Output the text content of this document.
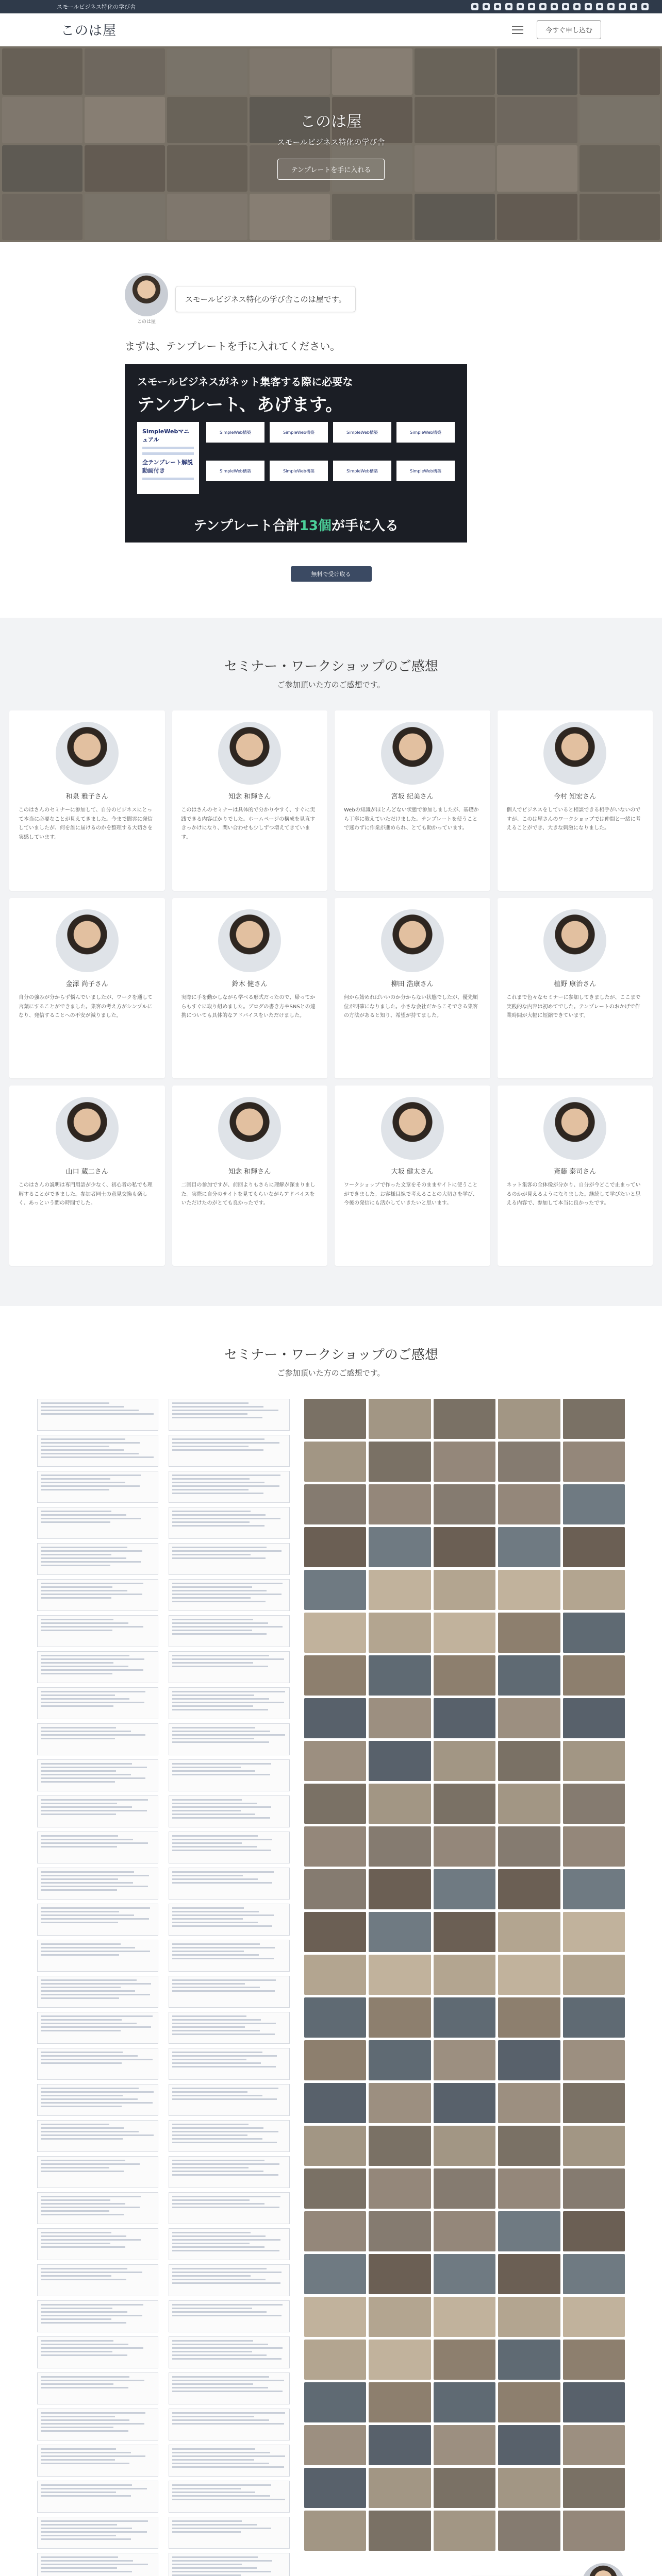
スモールビジネス特化の学び舎	●	●	●	●	●	●	●	●	●	●	●	●	●	●	●	●
このは屋	今すぐ申し込む
このは屋
スモールビジネス特化の学び舎
テンプレートを手に入れる
このは屋
スモールビジネス特化の学び舎このは屋です。
まずは、テンプレートを手に入れてください。
スモールビジネスがネット集客する際に必要な
テンプレート、あげます。
SimpleWebマニュアル
全テンプレート解説動画付き
SimpleWeb構築	SimpleWeb構築	SimpleWeb構築	SimpleWeb構築
SimpleWeb構築	SimpleWeb構築	SimpleWeb構築	SimpleWeb構築
テンプレート合計13個が手に入る
無料で受け取る
セミナー・ワークショップのご感想
ご参加頂いた方のご感想です。
和泉 雅子さん
このはさんのセミナーに参加して、自分のビジネスにとって本当に必要なことが見えてきました。今まで闇雲に発信していましたが、何を誰に届けるのかを整理する大切さを実感しています。
知念 和輝さん
このはさんのセミナーは具体的で分かりやすく、すぐに実践できる内容ばかりでした。ホームページの構成を見直すきっかけになり、問い合わせも少しずつ増えてきています。
宮坂 紀美さん
Webの知識がほとんどない状態で参加しましたが、基礎から丁寧に教えていただけました。テンプレートを使うことで迷わずに作業が進められ、とても助かっています。
今村 知宏さん
個人でビジネスをしていると相談できる相手がいないのですが、このは屋さんのワークショップでは仲間と一緒に考えることができ、大きな刺激になりました。
金澤 尚子さん
自分の強みが分からず悩んでいましたが、ワークを通して言葉にすることができました。集客の考え方がシンプルになり、発信することへの不安が減りました。
鈴木 健さん
実際に手を動かしながら学べる形式だったので、帰ってからもすぐに取り組めました。ブログの書き方やSNSとの連携についても具体的なアドバイスをいただけました。
柳田 浩康さん
何から始めればいいのか分からない状態でしたが、優先順位が明確になりました。小さな会社だからこそできる集客の方法があると知り、希望が持てました。
植野 康治さん
これまで色々なセミナーに参加してきましたが、ここまで実践的な内容は初めてでした。テンプレートのおかげで作業時間が大幅に短縮できています。
山口 蔵二さん
このはさんの説明は専門用語が少なく、初心者の私でも理解することができました。参加者同士の意見交換も楽しく、あっという間の時間でした。
知念 和輝さん
二回目の参加ですが、前回よりもさらに理解が深まりました。実際に自分のサイトを見てもらいながらアドバイスをいただけたのがとても良かったです。
大坂 健太さん
ワークショップで作った文章をそのままサイトに使うことができました。お客様目線で考えることの大切さを学び、今後の発信にも活かしていきたいと思います。
斎藤 泰司さん
ネット集客の全体像が分かり、自分が今どこで止まっているのかが見えるようになりました。継続して学びたいと思える内容で、参加して本当に良かったです。
セミナー・ワークショップのご感想
ご参加頂いた方のご感想です。
